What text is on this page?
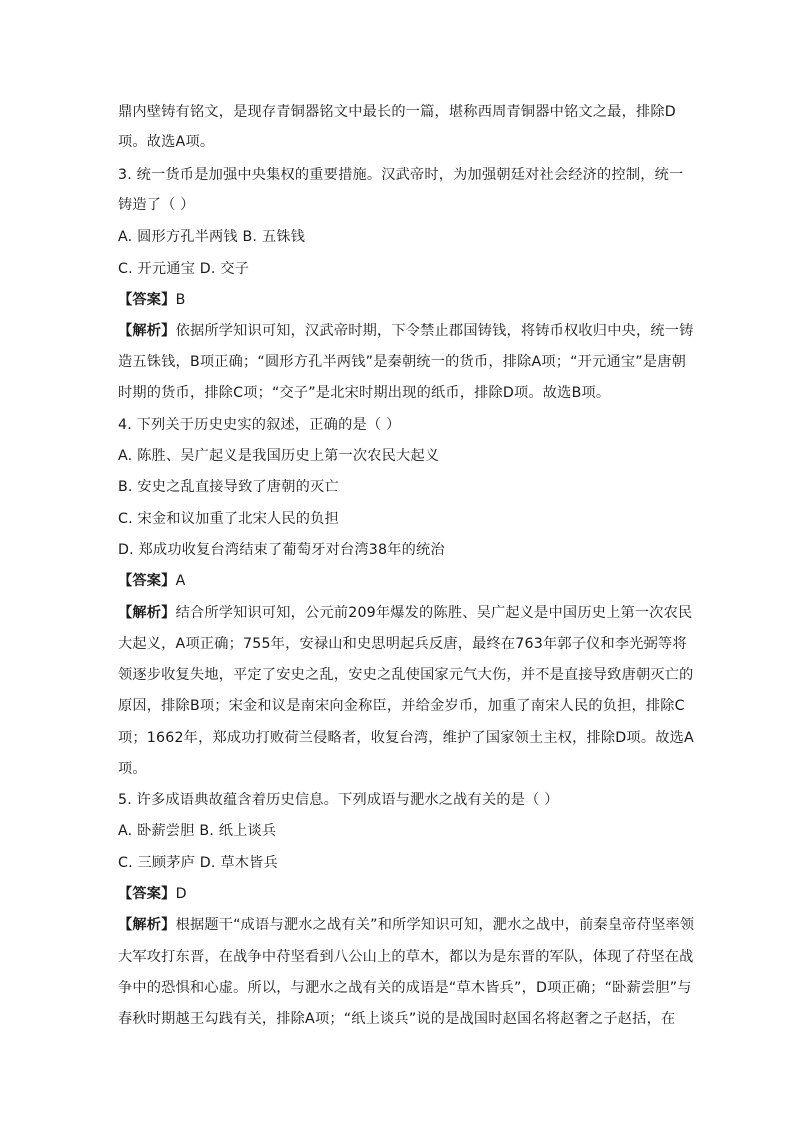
鼎内壁铸有铭文，是现存青铜器铭文中最长的一篇，堪称西周青铜器中铭文之最，排除D
项。故选A项。
3. 统一货币是加强中央集权的重要措施。汉武帝时，为加强朝廷对社会经济的控制，统一
铸造了（ ）
A. 圆形方孔半两钱 B. 五铢钱
C. 开元通宝 D. 交子
【答案】B
【解析】依据所学知识可知，汉武帝时期，下令禁止郡国铸钱，将铸币权收归中央，统一铸
造五铢钱，B项正确；“圆形方孔半两钱”是秦朝统一的货币，排除A项；“开元通宝”是唐朝
时期的货币，排除C项；“交子”是北宋时期出现的纸币，排除D项。故选B项。
4. 下列关于历史史实的叙述，正确的是（ ）
A. 陈胜、吴广起义是我国历史上第一次农民大起义
B. 安史之乱直接导致了唐朝的灭亡
C. 宋金和议加重了北宋人民的负担
D. 郑成功收复台湾结束了葡萄牙对台湾38年的统治
【答案】A
【解析】结合所学知识可知，公元前209年爆发的陈胜、吴广起义是中国历史上第一次农民
大起义，A项正确；755年，安禄山和史思明起兵反唐，最终在763年郭子仪和李光弼等将
领逐步收复失地，平定了安史之乱，安史之乱使国家元气大伤，并不是直接导致唐朝灭亡的
原因，排除B项；宋金和议是南宋向金称臣，并给金岁币，加重了南宋人民的负担，排除C
项；1662年，郑成功打败荷兰侵略者，收复台湾，维护了国家领土主权，排除D项。故选A
项。
5. 许多成语典故蕴含着历史信息。下列成语与淝水之战有关的是（ ）
A. 卧薪尝胆 B. 纸上谈兵
C. 三顾茅庐 D. 草木皆兵
【答案】D
【解析】根据题干“成语与淝水之战有关”和所学知识可知，淝水之战中，前秦皇帝苻坚率领
大军攻打东晋，在战争中苻坚看到八公山上的草木，都以为是东晋的军队，体现了苻坚在战
争中的恐惧和心虚。所以，与淝水之战有关的成语是“草木皆兵”，D项正确；“卧薪尝胆”与
春秋时期越王勾践有关，排除A项；“纸上谈兵”说的是战国时赵国名将赵奢之子赵括，在
